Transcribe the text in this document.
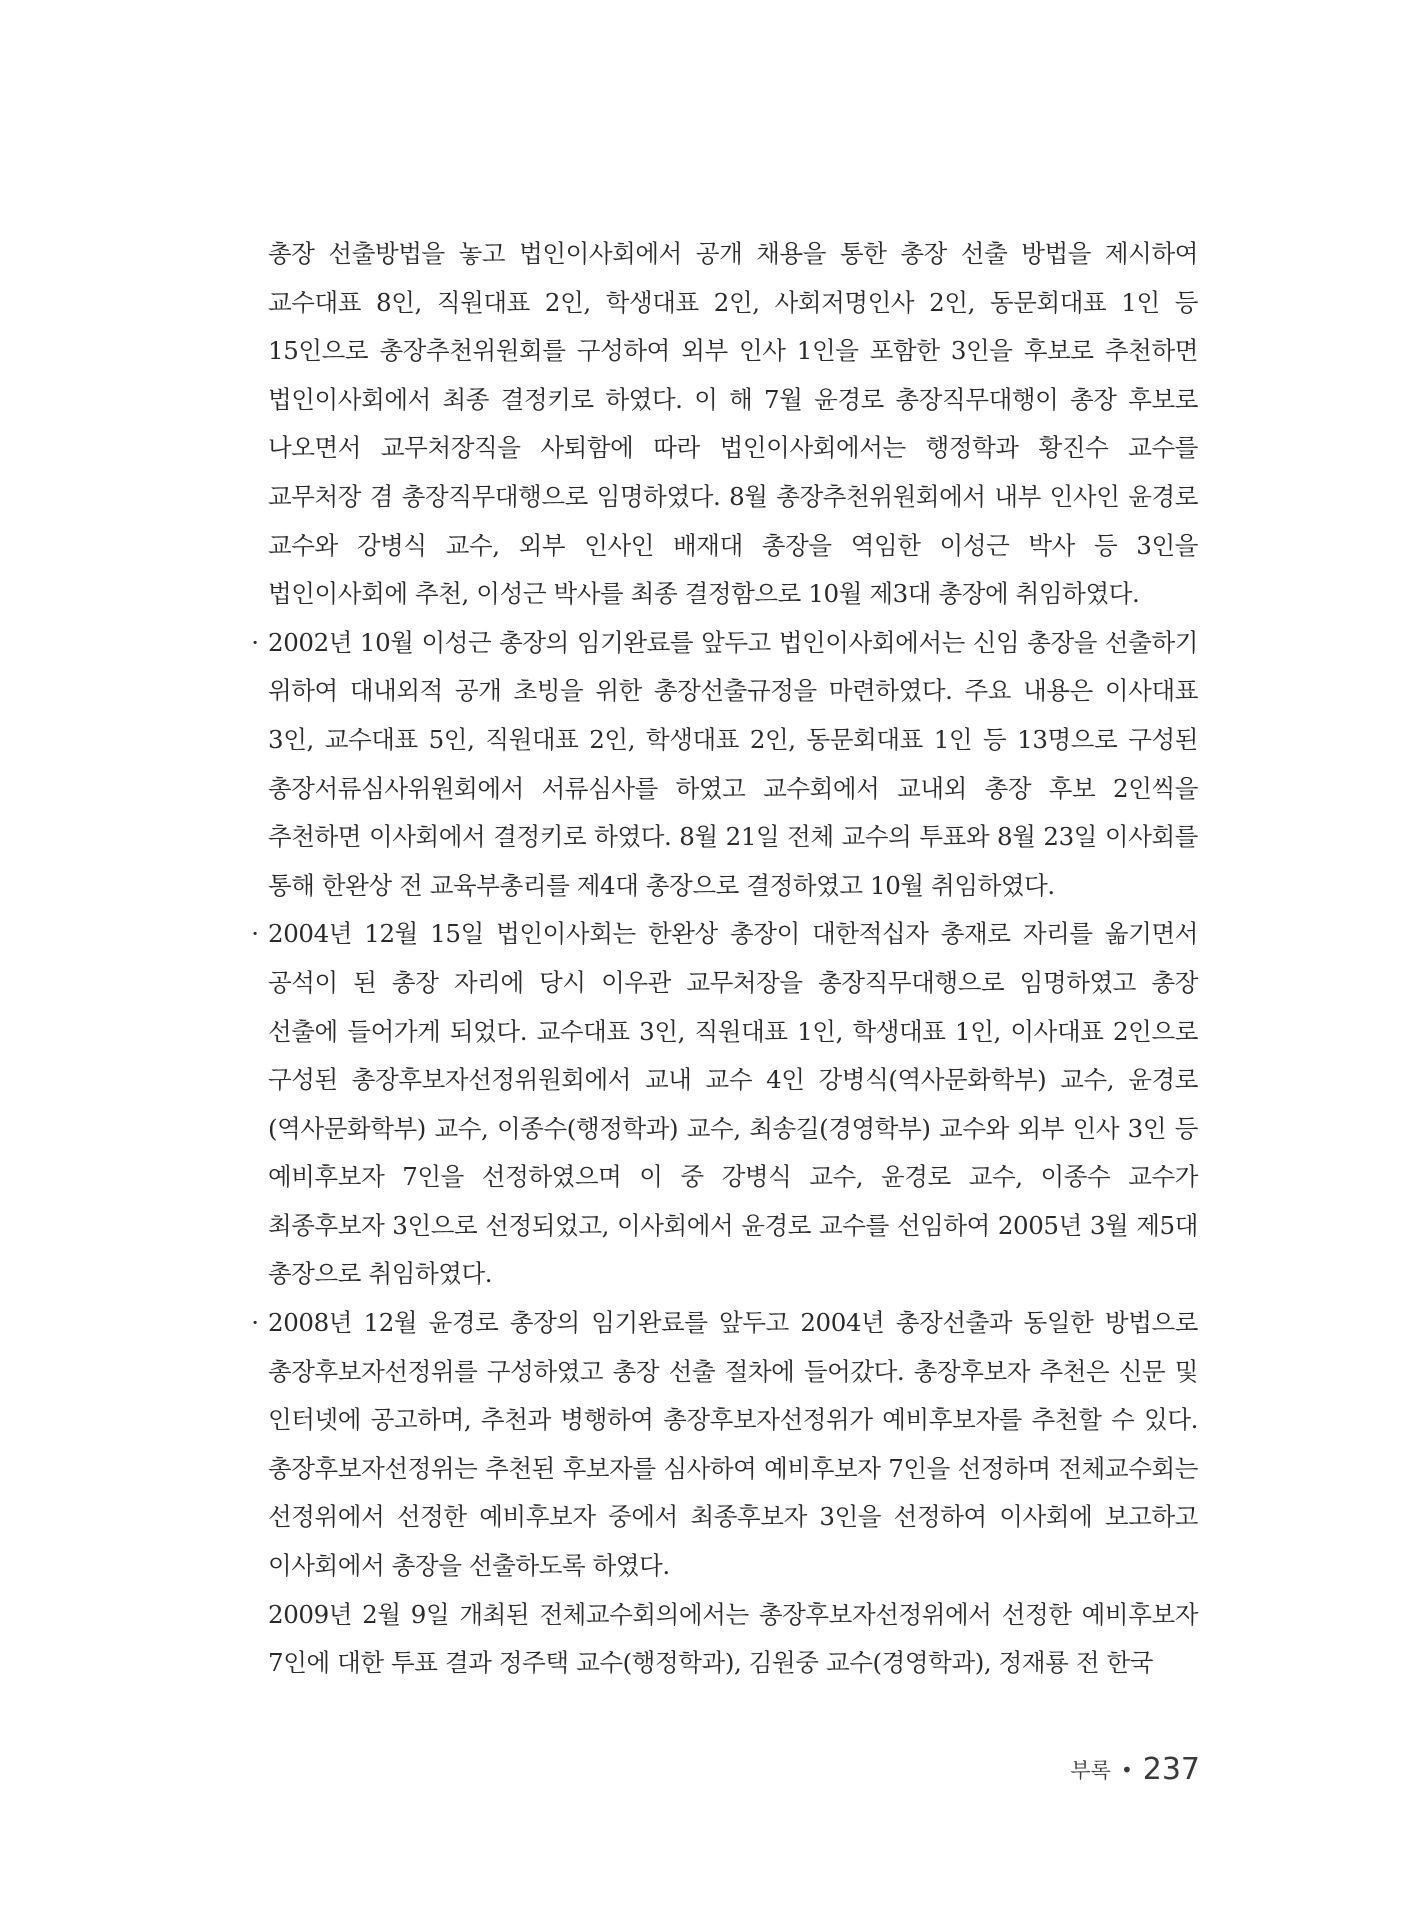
총장 선출방법을 놓고 법인이사회에서 공개 채용을 통한 총장 선출 방법을 제시하여 교수대표 8인, 직원대표 2인, 학생대표 2인, 사회저명인사 2인, 동문회대표 1인 등 15인으로 총장추천위원회를 구성하여 외부 인사 1인을 포함한 3인을 후보로 추천하면 법인이사회에서 최종 결정키로 하였다. 이 해 7월 윤경로 총장직무대행이 총장 후보로 나오면서 교무처장직을 사퇴함에 따라 법인이사회에서는 행정학과 황진수 교수를 교무처장 겸 총장직무대행으로 임명하였다. 8월 총장추천위원회에서 내부 인사인 윤경로 교수와 강병식 교수, 외부 인사인 배재대 총장을 역임한 이성근 박사 등 3인을 법인이사회에 추천, 이성근 박사를 최종 결정함으로 10월 제3대 총장에 취임하였다.

· 2002년 10월 이성근 총장의 임기완료를 앞두고 법인이사회에서는 신임 총장을 선출하기 위하여 대내외적 공개 초빙을 위한 총장선출규정을 마련하였다. 주요 내용은 이사대표 3인, 교수대표 5인, 직원대표 2인, 학생대표 2인, 동문회대표 1인 등 13명으로 구성된 총장서류심사위원회에서 서류심사를 하였고 교수회에서 교내외 총장 후보 2인씩을 추천하면 이사회에서 결정키로 하였다. 8월 21일 전체 교수의 투표와 8월 23일 이사회를 통해 한완상 전 교육부총리를 제4대 총장으로 결정하였고 10월 취임하였다.

· 2004년 12월 15일 법인이사회는 한완상 총장이 대한적십자 총재로 자리를 옮기면서 공석이 된 총장 자리에 당시 이우관 교무처장을 총장직무대행으로 임명하였고 총장 선출에 들어가게 되었다. 교수대표 3인, 직원대표 1인, 학생대표 1인, 이사대표 2인으로 구성된 총장후보자선정위원회에서 교내 교수 4인 강병식(역사문화학부) 교수, 윤경로(역사문화학부) 교수, 이종수(행정학과) 교수, 최송길(경영학부) 교수와 외부 인사 3인 등 예비후보자 7인을 선정하였으며 이 중 강병식 교수, 윤경로 교수, 이종수 교수가 최종후보자 3인으로 선정되었고, 이사회에서 윤경로 교수를 선임하여 2005년 3월 제5대 총장으로 취임하였다.

· 2008년 12월 윤경로 총장의 임기완료를 앞두고 2004년 총장선출과 동일한 방법으로 총장후보자선정위를 구성하였고 총장 선출 절차에 들어갔다. 총장후보자 추천은 신문 및 인터넷에 공고하며, 추천과 병행하여 총장후보자선정위가 예비후보자를 추천할 수 있다. 총장후보자선정위는 추천된 후보자를 심사하여 예비후보자 7인을 선정하며 전체교수회는 선정위에서 선정한 예비후보자 중에서 최종후보자 3인을 선정하여 이사회에 보고하고 이사회에서 총장을 선출하도록 하였다.

2009년 2월 9일 개최된 전체교수회의에서는 총장후보자선정위에서 선정한 예비후보자 7인에 대한 투표 결과 정주택 교수(행정학과), 김원중 교수(경영학과), 정재룡 전 한국

부록 • 237
